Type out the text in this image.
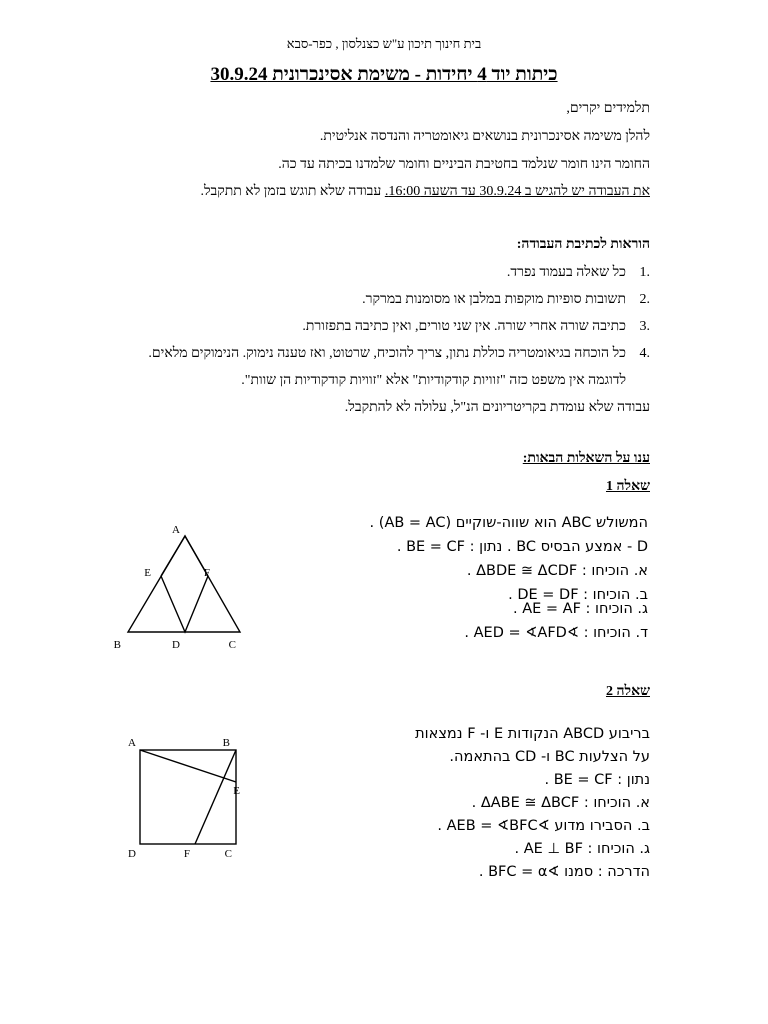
בית חינוך תיכון ע"ש כצנלסון , כפר-סבא
כיתות יוד 4 יחידות - משימת אסינכרונית 30.9.24
תלמידים יקרים,
להלן משימה אסינכרונית בנושאים גיאומטריה והנדסה אנליטית.
החומר הינו חומר שנלמד בחטיבת הביניים וחומר שלמדנו בכיתה עד כה.
את העבודה יש להגיש ב 30.9.24 עד השעה 16:00. עבודה שלא תוגש בזמן לא תתקבל.
הוראות לכתיבת העבודה:
.1
כל שאלה בעמוד נפרד.
.2
תשובות סופיות מוקפות במלבן או מסומנות במרקר.
.3
כתיבה שורה אחרי שורה. אין שני טורים, ואין כתיבה בתפזורת.
.4
כל הוכחה בגיאומטריה כוללת נתון, צריך להוכיח, שרטוט, ואז טענה נימוק. הנימוקים מלאים.
לדוגמה אין משפט כזה "זוויות קודקודיות" אלא "זוויות קודקודיות הן שוות".
עבודה שלא עומדת בקריטריונים הנ"ל, עלולה לא להתקבל.
ענו על השאלות הבאות:
שאלה 1
המשולש ABC הוא שווה-שוקיים (AB = AC) .
D - אמצע הבסיס BC . נתון : BE = CF .
א. הוכיחו : ΔBDE ≅ ΔCDF .
ב. הוכיחו : DE = DF .
ג. הוכיחו : AE = AF .
ד. הוכיחו : ∢AED = ∢AFD .
A
B	C
D
E	F
שאלה 2
בריבוע ABCD הנקודות E ו- F נמצאות
על הצלעות BC ו- CD בהתאמה.
נתון : BE = CF .
א. הוכיחו : ΔABE ≅ ΔBCF .
ב. הסבירו מדוע ∢AEB = ∢BFC .
ג. הוכיחו : AE ⊥ BF .
הדרכה : סמנו ∢BFC = α .
A	B
C
D
E
F
